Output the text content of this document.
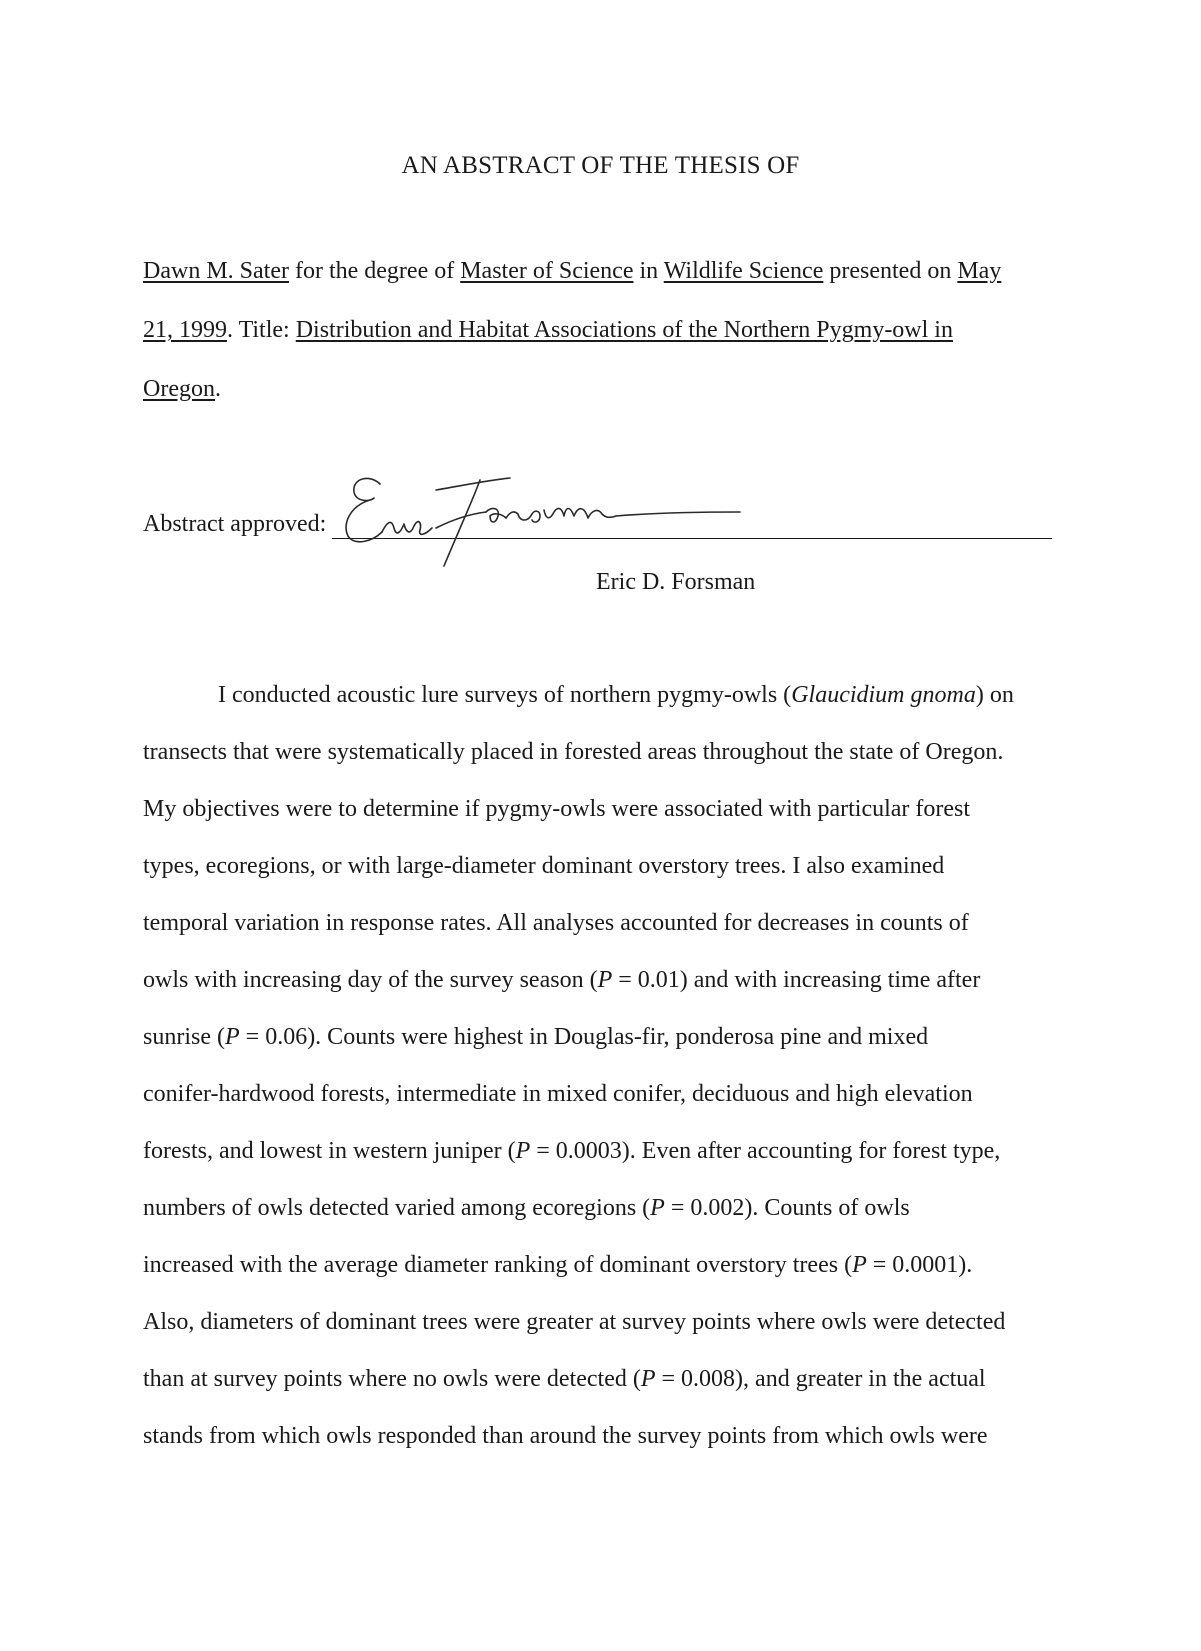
AN ABSTRACT OF THE THESIS OF
Dawn M. Sater for the degree of Master of Science in Wildlife Science presented on May
21, 1999. Title: Distribution and Habitat Associations of the Northern Pygmy-owl in
Oregon.
Abstract approved:
Eric D. Forsman
I conducted acoustic lure surveys of northern pygmy-owls (Glaucidium gnoma) on
transects that were systematically placed in forested areas throughout the state of Oregon.
My objectives were to determine if pygmy-owls were associated with particular forest
types, ecoregions, or with large-diameter dominant overstory trees. I also examined
temporal variation in response rates. All analyses accounted for decreases in counts of
owls with increasing day of the survey season (P = 0.01) and with increasing time after
sunrise (P = 0.06). Counts were highest in Douglas-fir, ponderosa pine and mixed
conifer-hardwood forests, intermediate in mixed conifer, deciduous and high elevation
forests, and lowest in western juniper (P = 0.0003). Even after accounting for forest type,
numbers of owls detected varied among ecoregions (P = 0.002). Counts of owls
increased with the average diameter ranking of dominant overstory trees (P = 0.0001).
Also, diameters of dominant trees were greater at survey points where owls were detected
than at survey points where no owls were detected (P = 0.008), and greater in the actual
stands from which owls responded than around the survey points from which owls were
